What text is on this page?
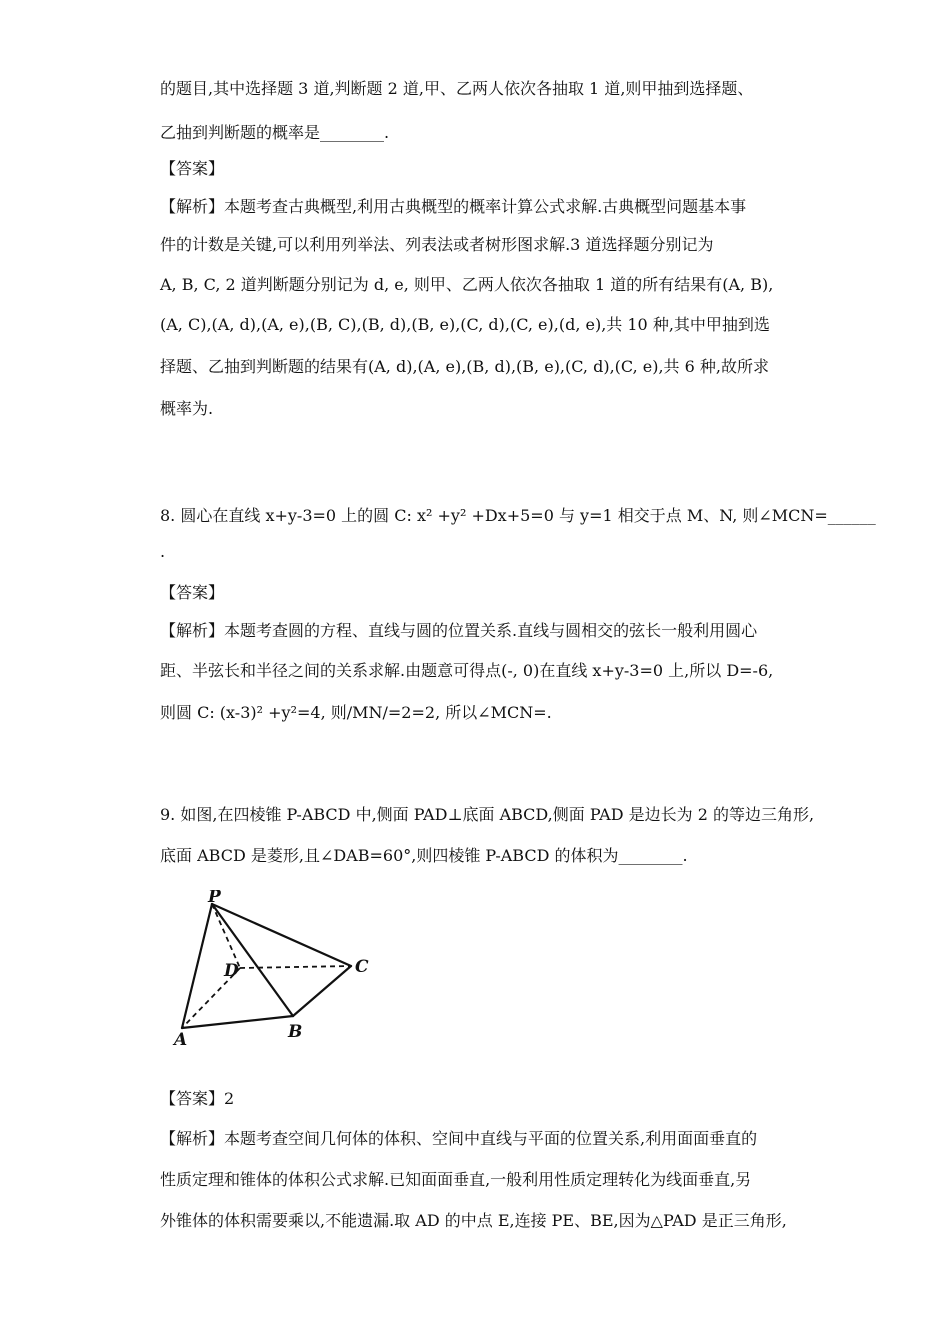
的题目,其中选择题 3 道,判断题 2 道,甲、乙两人依次各抽取 1 道,则甲抽到选择题、
乙抽到判断题的概率是________.
【答案】
【解析】本题考查古典概型,利用古典概型的概率计算公式求解.古典概型问题基本事
件的计数是关键,可以利用列举法、列表法或者树形图求解.3 道选择题分别记为
A, B, C, 2 道判断题分别记为 d, e, 则甲、乙两人依次各抽取 1 道的所有结果有(A, B),
(A, C),(A, d),(A, e),(B, C),(B, d),(B, e),(C, d),(C, e),(d, e),共 10 种,其中甲抽到选
择题、乙抽到判断题的结果有(A, d),(A, e),(B, d),(B, e),(C, d),(C, e),共 6 种,故所求
概率为.
8. 圆心在直线 x+y-3=0 上的圆 C: x² +y² +Dx+5=0 与 y=1 相交于点 M、N, 则∠MCN=______
.
【答案】
【解析】本题考查圆的方程、直线与圆的位置关系.直线与圆相交的弦长一般利用圆心
距、半弦长和半径之间的关系求解.由题意可得点(-, 0)在直线 x+y-3=0 上,所以 D=-6,
则圆 C: (x-3)² +y²=4, 则/MN/=2=2, 所以∠MCN=.
9. 如图,在四棱锥 P-ABCD 中,侧面 PAD⊥底面 ABCD,侧面 PAD 是边长为 2 的等边三角形,
底面 ABCD 是菱形,且∠DAB=60°,则四棱锥 P-ABCD 的体积为________.
P
D	C
A	B
【答案】2
【解析】本题考查空间几何体的体积、空间中直线与平面的位置关系,利用面面垂直的
性质定理和锥体的体积公式求解.已知面面垂直,一般利用性质定理转化为线面垂直,另
外锥体的体积需要乘以,不能遗漏.取 AD 的中点 E,连接 PE、BE,因为△PAD 是正三角形,
